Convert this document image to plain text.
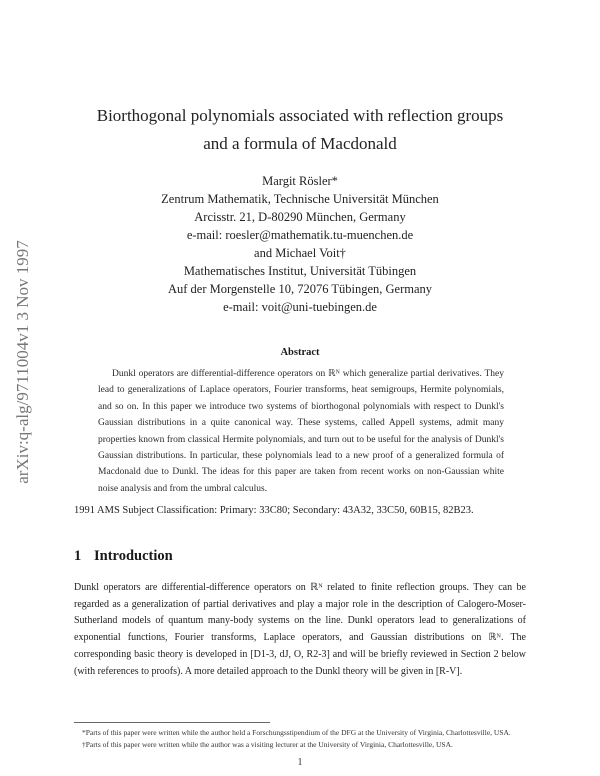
arXiv:q-alg/9711004v1 3 Nov 1997
Biorthogonal polynomials associated with reflection groups
and a formula of Macdonald
Margit Rösler*
Zentrum Mathematik, Technische Universität München
Arcisstr. 21, D-80290 München, Germany
e-mail: roesler@mathematik.tu-muenchen.de
and Michael Voit†
Mathematisches Institut, Universität Tübingen
Auf der Morgenstelle 10, 72076 Tübingen, Germany
e-mail: voit@uni-tuebingen.de
Abstract

Dunkl operators are differential-difference operators on ℝᴺ which generalize partial derivatives. They lead to generalizations of Laplace operators, Fourier transforms, heat semigroups, Hermite polynomials, and so on. In this paper we introduce two systems of biorthogonal polynomials with respect to Dunkl's Gaussian distributions in a quite canonical way. These systems, called Appell systems, admit many properties known from classical Hermite polynomials, and turn out to be useful for the analysis of Dunkl's Gaussian distributions. In particular, these polynomials lead to a new proof of a generalized formula of Macdonald due to Dunkl. The ideas for this paper are taken from recent works on non-Gaussian white noise analysis and from the umbral calculus.

1991 AMS Subject Classification: Primary: 33C80; Secondary: 43A32, 33C50, 60B15, 82B23.
1 Introduction

Dunkl operators are differential-difference operators on ℝᴺ related to finite reflection groups. They can be regarded as a generalization of partial derivatives and play a major role in the description of Calogero-Moser-Sutherland models of quantum many-body systems on the line. Dunkl operators lead to generalizations of exponential functions, Fourier transforms, Laplace operators, and Gaussian distributions on ℝᴺ. The corresponding basic theory is developed in [D1-3, dJ, O, R2-3] and will be briefly reviewed in Section 2 below (with references to proofs). A more detailed approach to the Dunkl theory will be given in [R-V].

*Parts of this paper were written while the author held a Forschungsstipendium of the DFG at the University of Virginia, Charlottesville, USA.

†Parts of this paper were written while the author was a visiting lecturer at the University of Virginia, Charlottesville, USA.

1
